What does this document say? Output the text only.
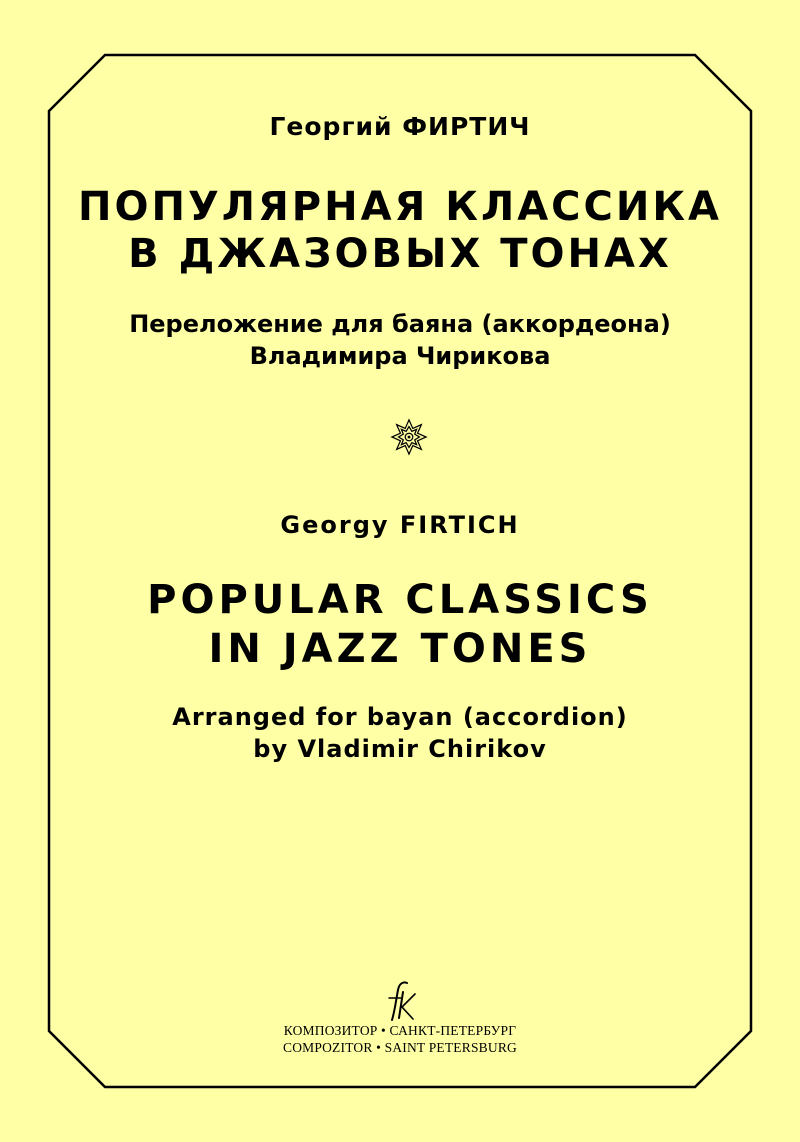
Георгий ФИРТИЧ
ПОПУЛЯРНАЯ КЛАССИКА
В ДЖАЗОВЫХ ТОНАХ
Переложение для баяна (аккордеона)
Владимира Чирикова
Georgy FIRTICH
POPULAR CLASSICS
IN JAZZ TONES
Arranged for bayan (accordion)
by Vladimir Chirikov
КОМПОЗИТОР • САНКТ-ПЕТЕРБУРГ
COMPOZITOR • SAINT PETERSBURG
